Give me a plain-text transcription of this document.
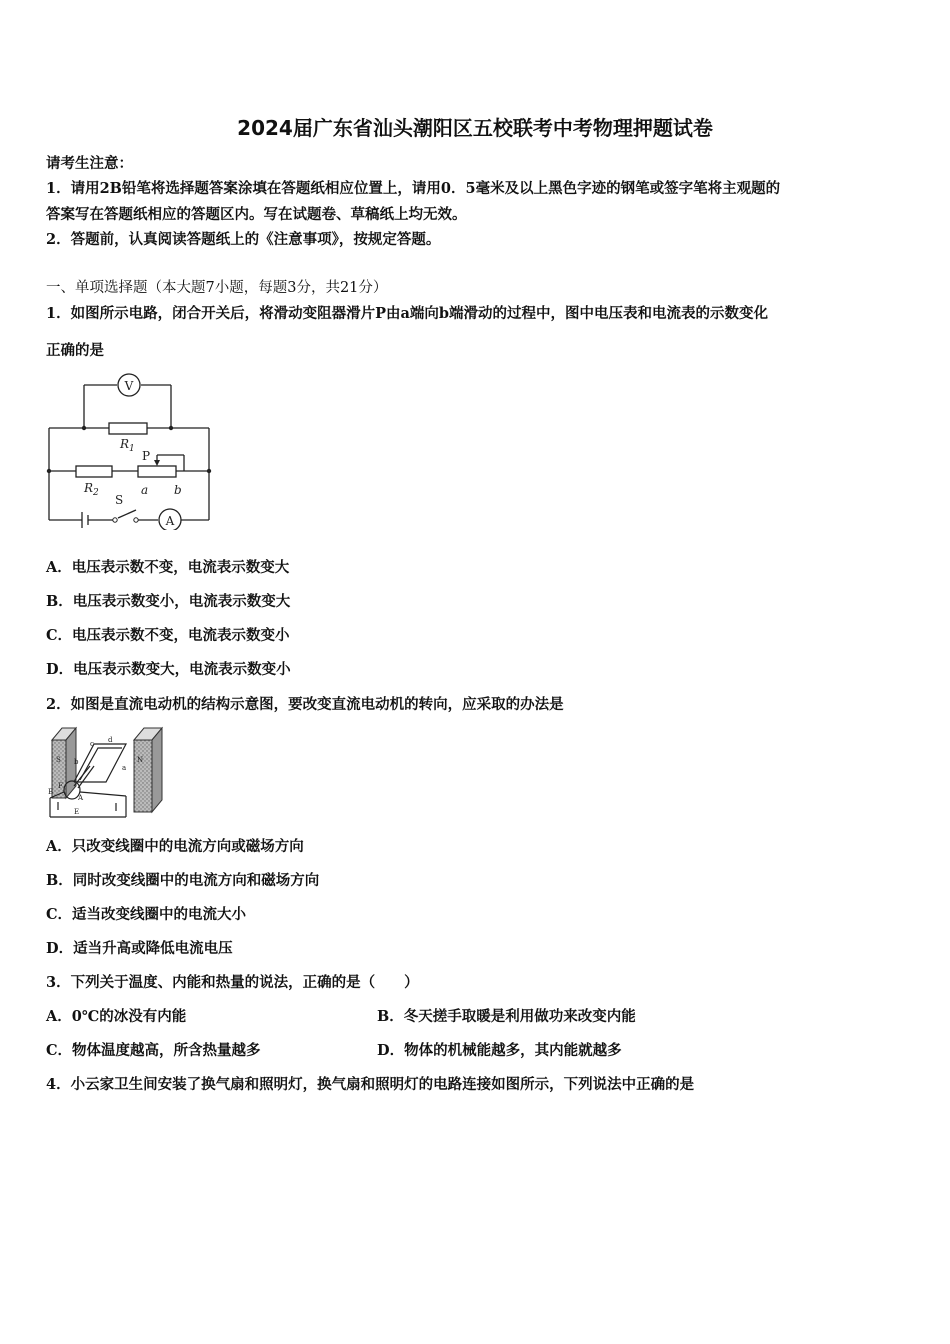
2024届广东省汕头潮阳区五校联考中考物理押题试卷
请考生注意：
1．请用2B铅笔将选择题答案涂填在答题纸相应位置上，请用0．5毫米及以上黑色字迹的钢笔或签字笔将主观题的
答案写在答题纸相应的答题区内。写在试题卷、草稿纸上均无效。
2．答题前，认真阅读答题纸上的《注意事项》，按规定答题。
一、单项选择题（本大题7小题，每题3分，共21分）
1．如图所示电路，闭合开关后，将滑动变阻器滑片P由a端向b端滑动的过程中，图中电压表和电流表的示数变化
正确的是
V
A
$R_1$
$R_2$
P
S
a b
A．电压表示数不变，电流表示数变大
B．电压表示数变小，电流表示数变大
C．电压表示数不变，电流表示数变小
D．电压表示数变大，电流表示数变小
2．如图是直流电动机的结构示意图，要改变直流电动机的转向，应采取的办法是
S	N
c d
b
a
F
E
B
A
A．只改变线圈中的电流方向或磁场方向
B．同时改变线圈中的电流方向和磁场方向
C．适当改变线圈中的电流大小
D．适当升高或降低电流电压
3．下列关于温度、内能和热量的说法，正确的是（　　）
A．0℃的冰没有内能	B．冬天搓手取暖是利用做功来改变内能
C．物体温度越高，所含热量越多	D．物体的机械能越多，其内能就越多
4．小云家卫生间安装了换气扇和照明灯，换气扇和照明灯的电路连接如图所示，下列说法中正确的是
